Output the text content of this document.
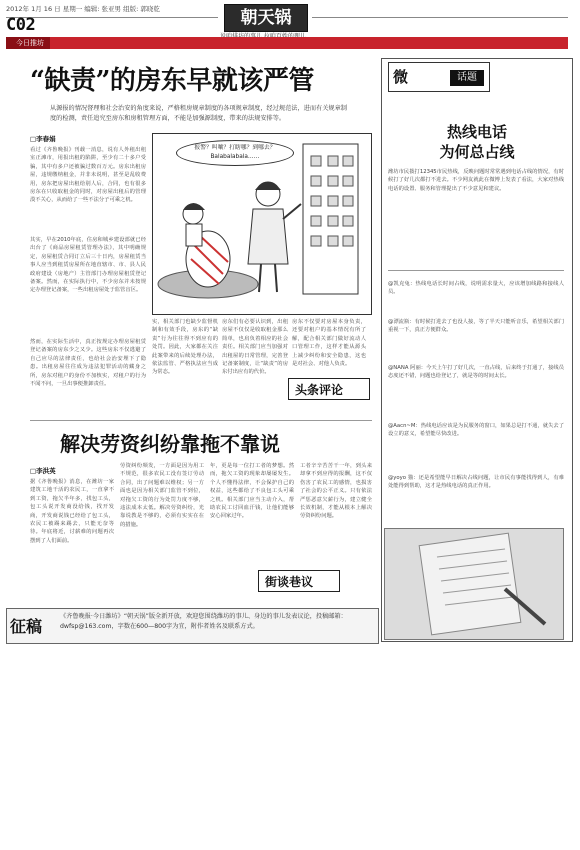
2012年 1月 16 日 星期一 编辑: 张亚男 组版: 郭晓乾
C02	朝天锅
今日推坊
“缺责”的房东早就该严管
从源报的情况督理和社会治安的角度来说，严格租房规章制度的各项规章制度，经过规范法，进而有关规章制度的检测，责任追究至房东和房租管理方面，不能是加强源制度，带来的法规安排等。
□李春娟
看过《齐鲁晚报》刊载一消息，说有人外租出租室正滩市，用报出租的陷阱，至少有二十多户受骗，其中有多户还被骗过数百万元。房东出租房屋，违规缴纳租金，并非未说明，甚至是乱收费用，房东把房屋出租给别人后，合同，也有很多房东在只收取租金的同时，对房屋出租后的管理漠不关心，从而给了一些不法分子可乘之机。
其实，早在2010年底，住房和城乡建设部就已经出台了《商品房屋租赁管理办法》，其中明确规定，房屋租赁合同订立后三十日内，房屋租赁当事人应当到租赁房屋所在地直辖市、市、县人民政府建设（房地产）主管部门办理房屋租赁登记备案。然而，在实际执行中，不少房东并未按规定办理登记备案，一些出租房屋处于监管盲区。
然而，在实际生活中，真正按规定办理房屋租赁登记备案的房东少之又少。这些房东不仅逃避了自己应尽的法律责任，也给社会治安埋下了隐患。出租房屋往往成为违法犯罪活动的藏身之所，房东对租户的身份不加核实，对租户的行为不闻不问，一旦出事便推卸责任。
实，相关部门也缺少监督机制和有效手段，房东的“缺责”行为往往得不到应有的处罚。因此，大家都在关注此案带来的后续处理办法，依法监管、严格执法应当成为常态。
房东们有必要认识到，出租房屋不仅仅是收取租金那么简单，也肩负着相应的社会责任。相关部门应当加强对出租屋的日常管理，完善登记备案制度，让“缺责”的房东付出应有的代价。
房东不仅要对房屋本身负责，还要对租户的基本情况有所了解，配合相关部门做好流动人口管理工作，这样才能从源头上减少纠纷和安全隐患，这也是对社会、对他人负责。
报警？叫嚷？打瞎哪？到哪去？Balabalabala……
头条评论
解决劳资纠纷靠拖不靠说
□李洪英
据《齐鲁晚报》消息，在潍坊一家建筑工地干活的农民工，一直拿不到工资，拖欠半年多，找包工头，包工头说开发商没给钱，找开发商，开发商说钱已经给了包工头，农民工被踢来踢去，只能无奈等待。年底将近，讨薪难的问题再次摆到了人们面前。
劳资纠纷频发，一方面是因为用工不规范，很多农民工没有签订劳动合同，出了问题难以维权；另一方面也是因为相关部门监管不到位，对拖欠工资的行为处罚力度不够，违法成本太低。解决劳资纠纷，光靠说教是不够的，必须有实实在在的措施。
年，更是每一位打工者的梦想。然而，拖欠工资的现象却屡屡发生。个人不懂得法律，不会保护自己的权益，这些都给了不良包工头可乘之机。相关部门应当主动介入，帮助农民工讨回血汗钱，让他们能够安心回家过年。
工者辛辛苦苦干一年，到头来却拿不到应得的报酬，这不仅伤害了农民工的感情，也损害了社会的公平正义。只有依法严惩恶意欠薪行为，建立健全长效机制，才能从根本上解决劳资纠纷问题。
街谈巷议
征稿
《齐鲁晚报·今日潍坊》“朝天锅”版全新开放，欢迎您围绕潍坊的事儿、身边的事儿发表议论，投稿邮箱：dwfsp@163.com，字数在600—800字为宜，附作者姓名及联系方式。
微	话题
热线电话
为何总占线
潍坊市民拨打12345市民热线，反映问题时常常遇到电话占线的情况，有时候打了好几次都打不进去。不少网友就此在微博上发表了看法，大家对热线电话的设置、服务和管理提出了不少意见和建议。
@凯克兔：热线电话长时间占线，说明需求量大，应该增加线路和接线人员。
@漂流瓶：有时候打进去了也没人接，等了半天只能听音乐，希望相关部门重视一下，真正方便群众。
@NANA 阿丽：今天上午打了好几次，一直占线，后来终于打通了，接线员态度还不错，问题也给登记了，就是等的时间太长。
@Aacn~M：热线电话应该是为民服务的窗口，如果总是打不通，就失去了设立的意义，希望能尽快改进。
@yoyo 猫：还是希望能早日解决占线问题，让市民有事能找得到人，有难处能得到帮助，这才是热线电话的真正作用。
